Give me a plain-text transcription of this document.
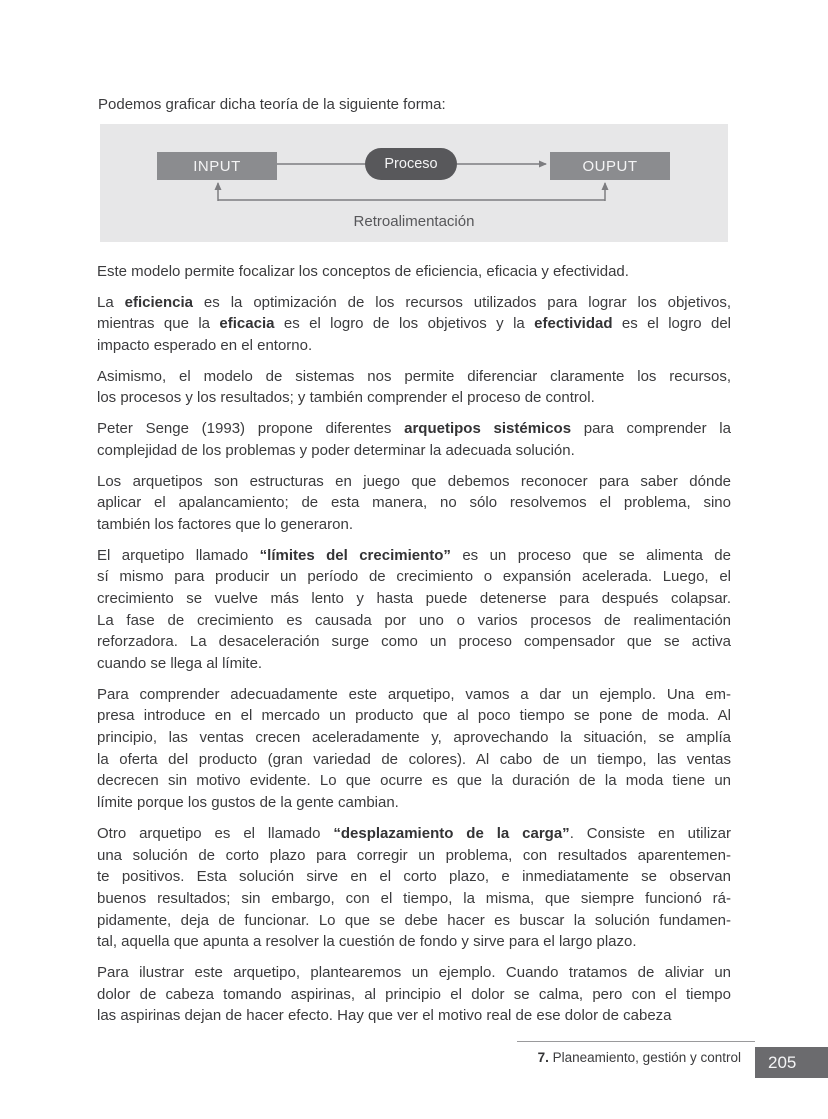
Podemos graficar dicha teoría de la siguiente forma:
INPUT	Proceso	OUPUT
Retroalimentación
Este modelo permite focalizar los conceptos de eficiencia, eficacia y efectividad.
La eficiencia es la optimización de los recursos utilizados para lograr los objetivos,
mientras que la eficacia es el logro de los objetivos y la efectividad es el logro del
impacto esperado en el entorno.
Asimismo, el modelo de sistemas nos permite diferenciar claramente los recursos,
los procesos y los resultados; y también comprender el proceso de control.
Peter Senge (1993) propone diferentes arquetipos sistémicos para comprender la
complejidad de los problemas y poder determinar la adecuada solución.
Los arquetipos son estructuras en juego que debemos reconocer para saber dónde
aplicar el apalancamiento; de esta manera, no sólo resolvemos el problema, sino
también los factores que lo generaron.
El arquetipo llamado “límites del crecimiento” es un proceso que se alimenta de
sí mismo para producir un período de crecimiento o expansión acelerada. Luego, el
crecimiento se vuelve más lento y hasta puede detenerse para después colapsar.
La fase de crecimiento es causada por uno o varios procesos de realimentación
reforzadora. La desaceleración surge como un proceso compensador que se activa
cuando se llega al límite.
Para comprender adecuadamente este arquetipo, vamos a dar un ejemplo. Una em-
presa introduce en el mercado un producto que al poco tiempo se pone de moda. Al
principio, las ventas crecen aceleradamente y, aprovechando la situación, se amplía
la oferta del producto (gran variedad de colores). Al cabo de un tiempo, las ventas
decrecen sin motivo evidente. Lo que ocurre es que la duración de la moda tiene un
límite porque los gustos de la gente cambian.
Otro arquetipo es el llamado “desplazamiento de la carga”. Consiste en utilizar
una solución de corto plazo para corregir un problema, con resultados aparentemen-
te positivos. Esta solución sirve en el corto plazo, e inmediatamente se observan
buenos resultados; sin embargo, con el tiempo, la misma, que siempre funcionó rá-
pidamente, deja de funcionar. Lo que se debe hacer es buscar la solución fundamen-
tal, aquella que apunta a resolver la cuestión de fondo y sirve para el largo plazo.
Para ilustrar este arquetipo, plantearemos un ejemplo. Cuando tratamos de aliviar un
dolor de cabeza tomando aspirinas, al principio el dolor se calma, pero con el tiempo
las aspirinas dejan de hacer efecto. Hay que ver el motivo real de ese dolor de cabeza
7. Planeamiento, gestión y control	205
